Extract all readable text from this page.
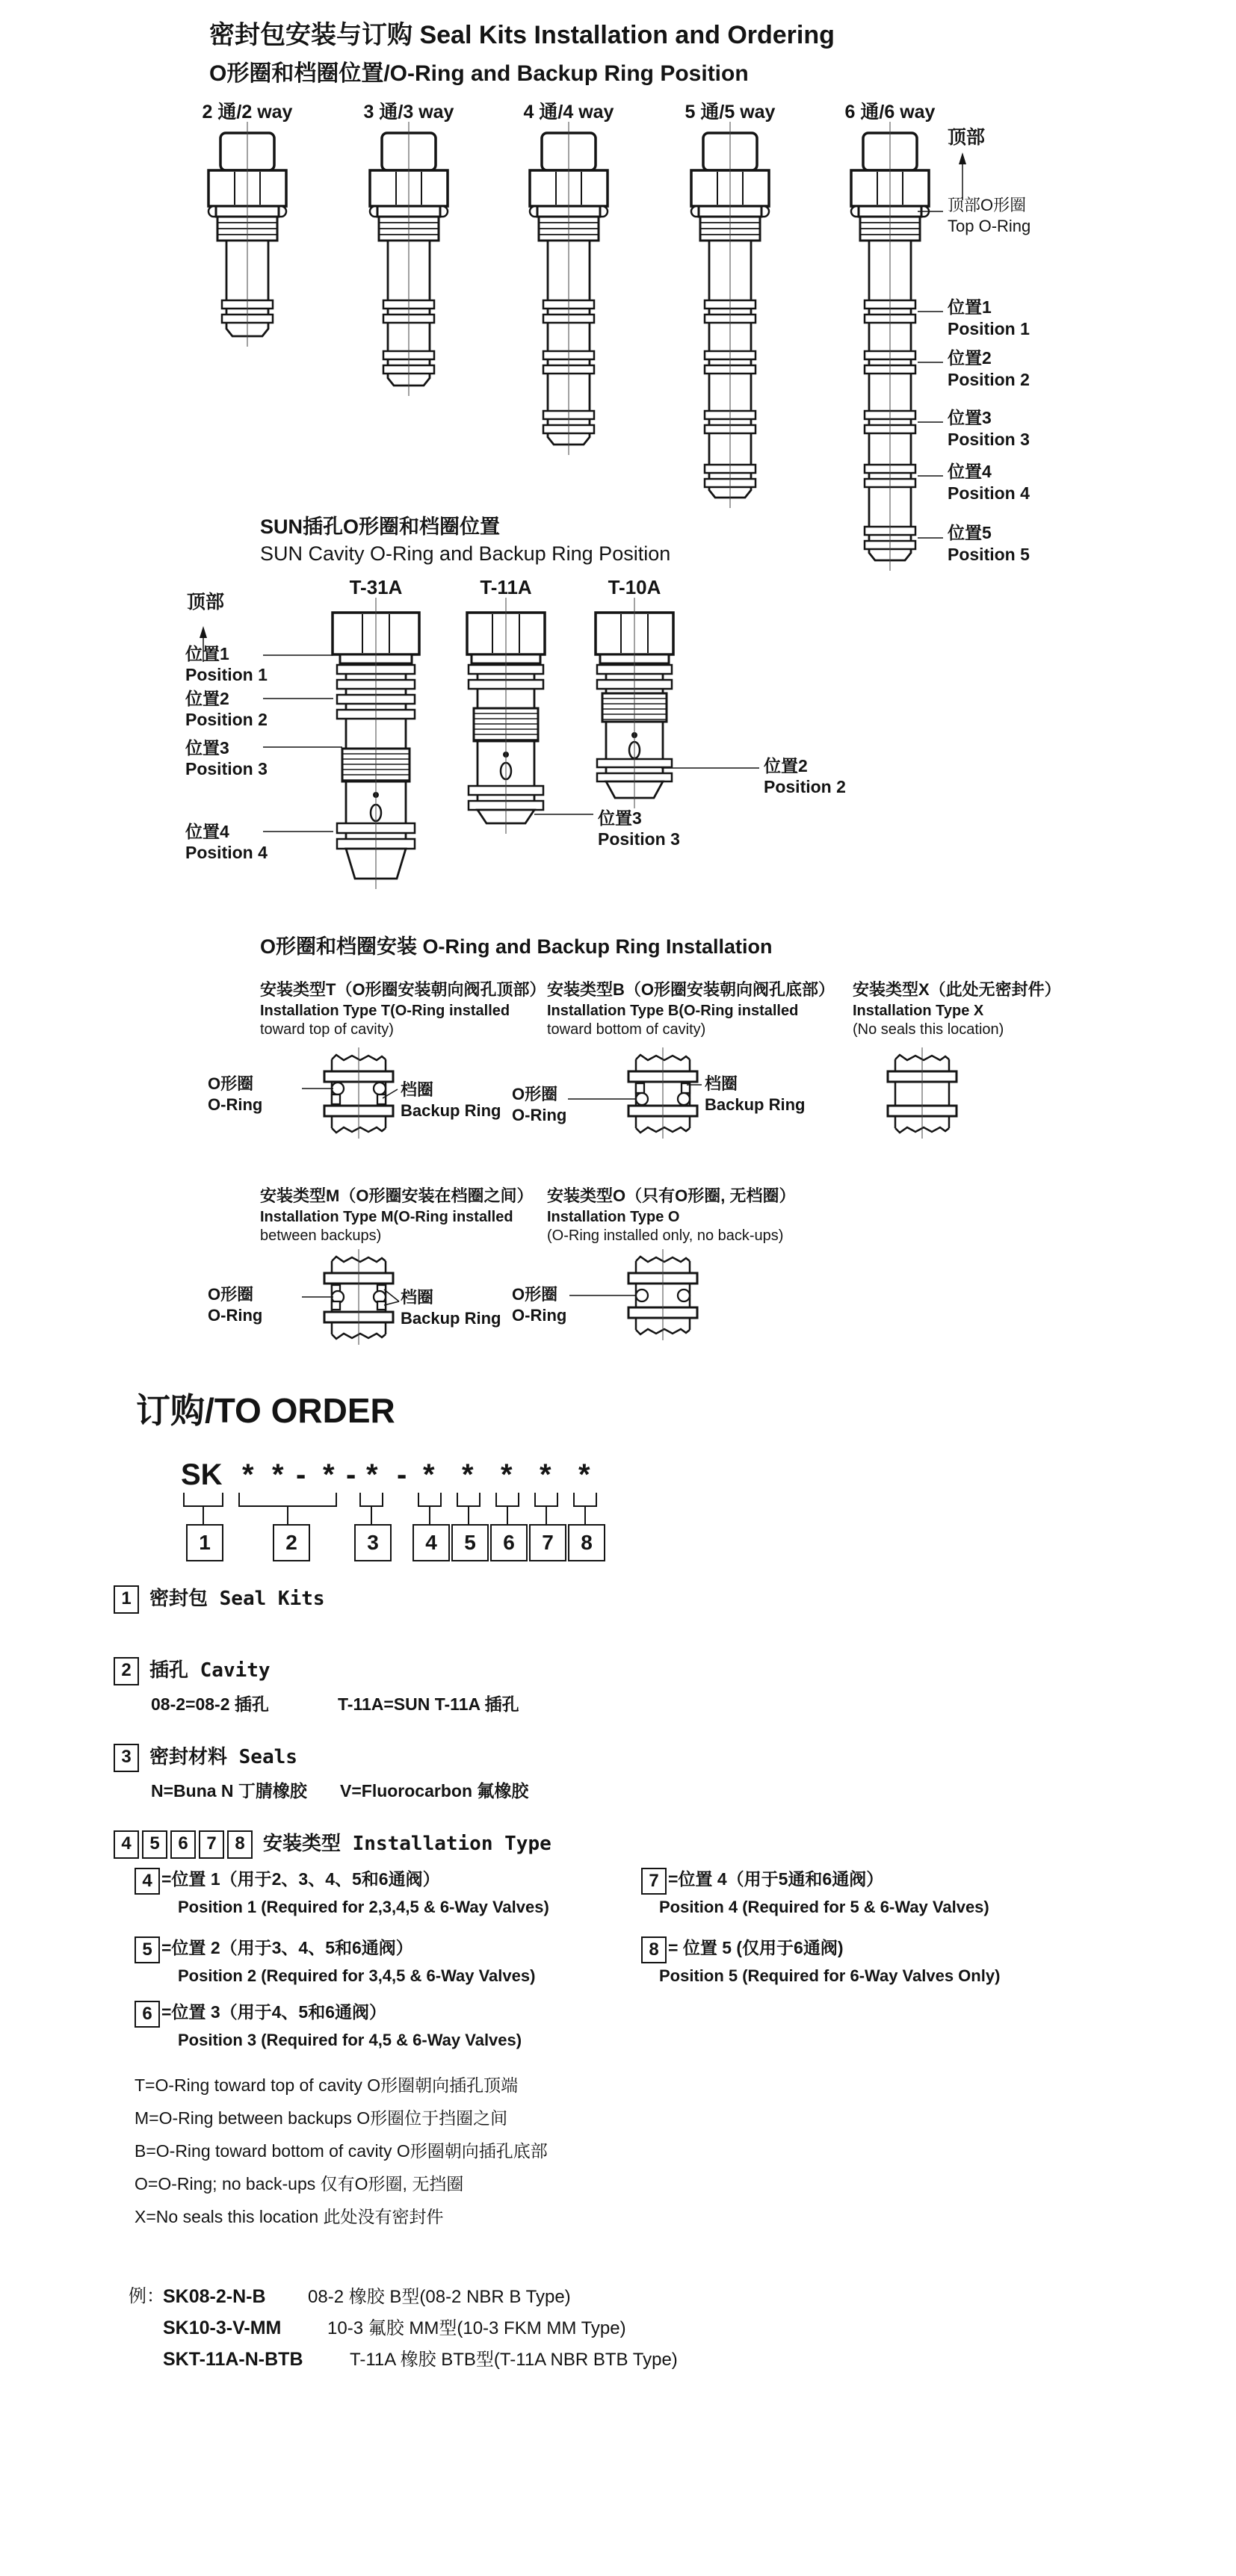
密封包安装与订购 Seal Kits Installation and Ordering
O形圈和档圈位置/O-Ring and Backup Ring Position
2 通/2 way	3 通/3 way	4 通/4 way	5 通/5 way	6 通/6 way
顶部
顶部O形圈
Top O-Ring
位置1
Position 1
位置2
Position 2
位置3
Position 3
位置4
Position 4
位置5
Position 5
SUN插孔O形圈和档圈位置
SUN Cavity O-Ring and Backup Ring Position
T-31A	T-11A	T-10A
顶部
位置1
Position 1
位置2
Position 2
位置3
Position 3
位置4
Position 4
位置2
Position 2
位置3
Position 3
O形圈和档圈安装 O-Ring and Backup Ring Installation
安装类型T（O形圈安装朝向阀孔顶部）
Installation Type T(O-Ring installed
toward top of cavity)
安装类型B（O形圈安装朝向阀孔底部）
Installation Type B(O-Ring installed
toward bottom of cavity)
安装类型X（此处无密封件）
Installation Type X
(No seals this location)
安装类型M（O形圈安装在档圈之间）
Installation Type M(O-Ring installed
between backups)
安装类型O（只有O形圈, 无档圈）
Installation Type O
(O-Ring installed only, no back-ups)
O形圈
O-Ring
档圈
Backup Ring
O形圈
O-Ring
档圈
Backup Ring
O形圈
O-Ring
档圈
Backup Ring
O形圈
O-Ring
订购/TO ORDER
SK * * - * - * - * * * * *
1	2	3	4	5	6	7	8
1 密封包 Seal Kits
2 插孔 Cavity
08-2=08-2 插孔	T-11A=SUN T-11A 插孔
3 密封材料 Seals
N=Buna N 丁腈橡胶 V=Fluorocarbon 氟橡胶
4	5	6	7	8 安装类型 Installation Type
4 =位置 1（用于2、3、4、5和6通阀）
Position 1 (Required for 2,3,4,5 & 6-Way Valves)
7 =位置 4（用于5通和6通阀）
Position 4 (Required for 5 & 6-Way Valves)
5 =位置 2（用于3、4、5和6通阀）
Position 2 (Required for 3,4,5 & 6-Way Valves)
8 = 位置 5 (仅用于6通阀)
Position 5 (Required for 6-Way Valves Only)
6 =位置 3（用于4、5和6通阀）
Position 3 (Required for 4,5 & 6-Way Valves)
T=O-Ring toward top of cavity O形圈朝向插孔顶端
M=O-Ring between backups O形圈位于挡圈之间
B=O-Ring toward bottom of cavity O形圈朝向插孔底部
O=O-Ring; no back-ups 仅有O形圈, 无挡圈
X=No seals this location 此处没有密封件
例：
SK08-2-N-B 08-2 橡胶 B型(08-2 NBR B Type)
SK10-3-V-MM	10-3 氟胶 MM型(10-3 FKM MM Type)
SKT-11A-N-BTB	T-11A 橡胶 BTB型(T-11A NBR BTB Type)
